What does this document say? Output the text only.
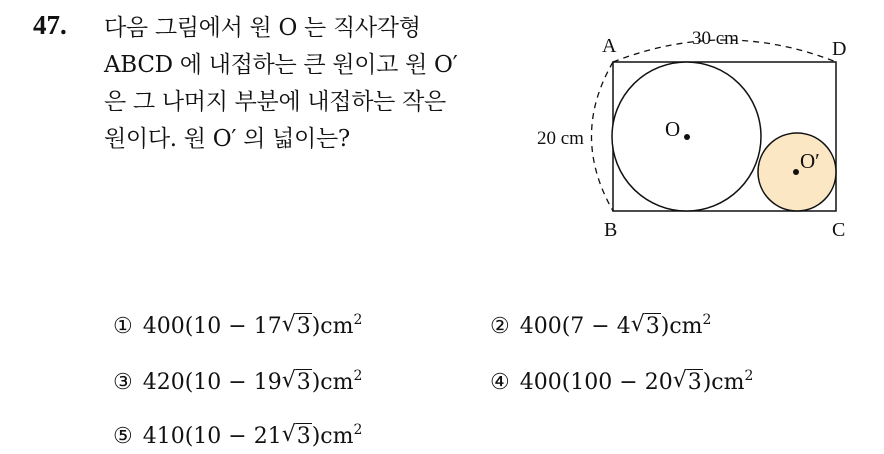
47. 다음 그림에서 원 O 는 직사각형
ABCD 에 내접하는 큰 원이고 원 O′
은 그 나머지 부분에 내접하는 작은
원이다. 원 O′ 의 넓이는?
A	D
B	C
O
O′
30 cm
20 cm
① 400(10 − 17 √ $3)cm^2$	② 400(7 − 4 √ $3)cm^2$
③ 420(10 − 19 √ $3)cm^2$	④ 400(100 − 20 √ $3)cm^2$
⑤ 410(10 − 21 √ $3)cm^2$
